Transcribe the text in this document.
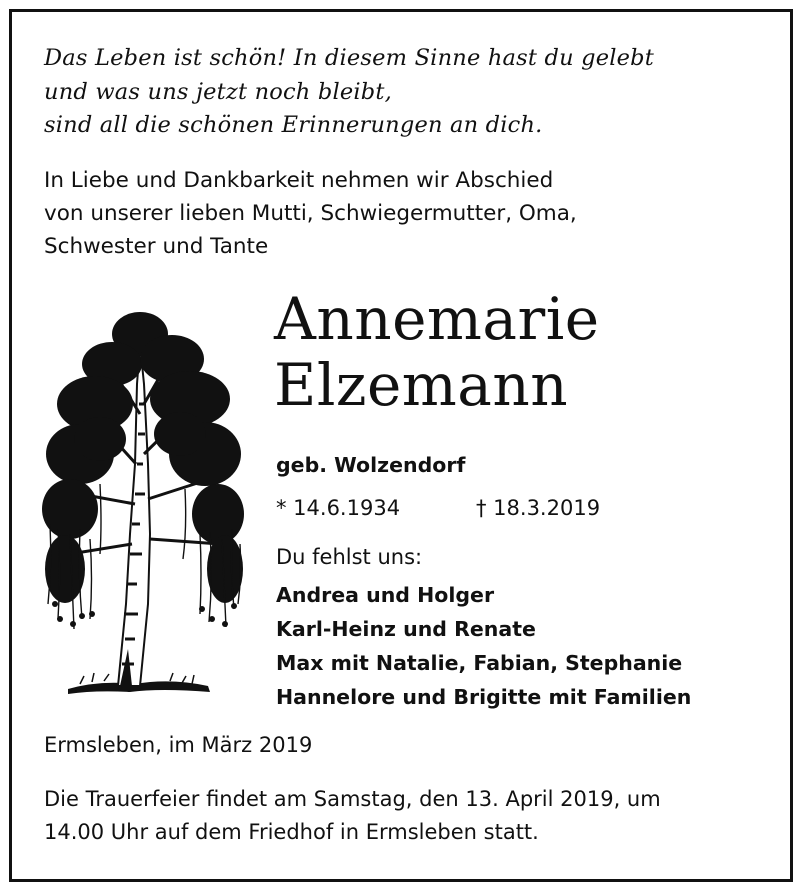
Das Leben ist schön! In diesem Sinne hast du gelebt
und was uns jetzt noch bleibt,
sind all die schönen Erinnerungen an dich.
In Liebe und Dankbarkeit nehmen wir Abschied
von unserer lieben Mutti, Schwiegermutter, Oma,
Schwester und Tante
Annemarie
Elzemann
geb. Wolzendorf
* 14.6.1934	† 18.3.2019
Du fehlst uns:
Andrea und Holger
Karl-Heinz und Renate
Max mit Natalie, Fabian, Stephanie
Hannelore und Brigitte mit Familien
Ermsleben, im März 2019
Die Trauerfeier findet am Samstag, den 13. April 2019, um
14.00 Uhr auf dem Friedhof in Ermsleben statt.
